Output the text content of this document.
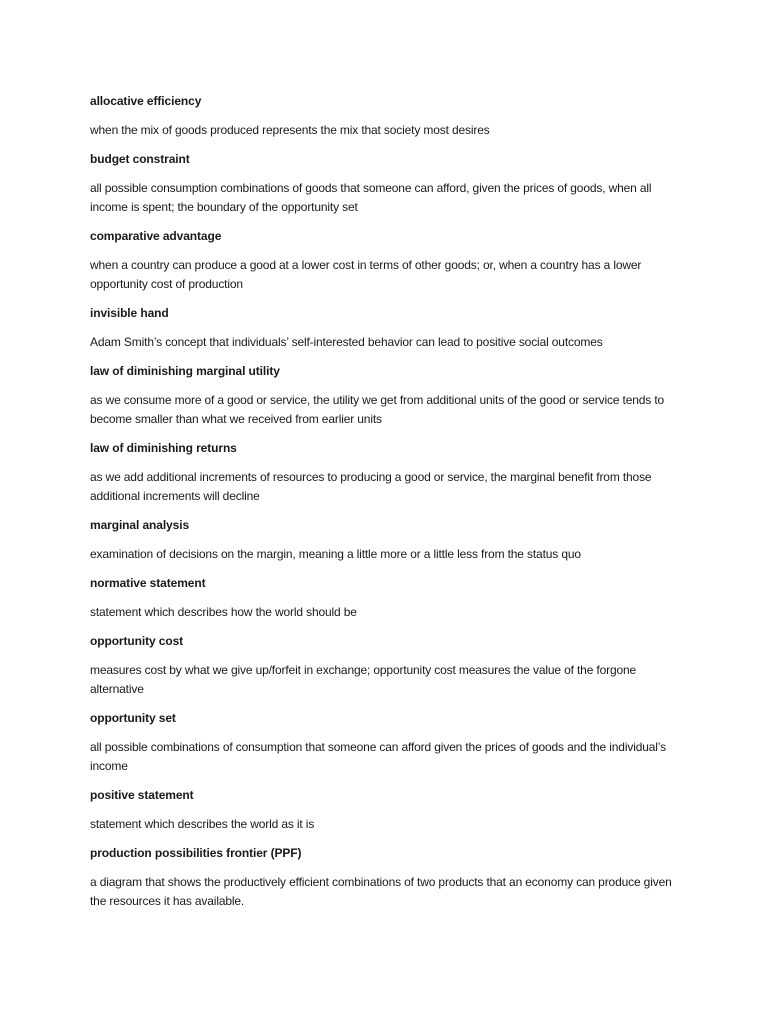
allocative efficiency

when the mix of goods produced represents the mix that society most desires

budget constraint

all possible consumption combinations of goods that someone can afford, given the prices of goods, when all income is spent; the boundary of the opportunity set

comparative advantage

when a country can produce a good at a lower cost in terms of other goods; or, when a country has a lower opportunity cost of production

invisible hand

Adam Smith’s concept that individuals’ self-interested behavior can lead to positive social outcomes

law of diminishing marginal utility

as we consume more of a good or service, the utility we get from additional units of the good or service tends to become smaller than what we received from earlier units

law of diminishing returns

as we add additional increments of resources to producing a good or service, the marginal benefit from those additional increments will decline

marginal analysis

examination of decisions on the margin, meaning a little more or a little less from the status quo

normative statement

statement which describes how the world should be

opportunity cost

measures cost by what we give up/forfeit in exchange; opportunity cost measures the value of the forgone alternative

opportunity set

all possible combinations of consumption that someone can afford given the prices of goods and the individual’s income

positive statement

statement which describes the world as it is

production possibilities frontier (PPF)

a diagram that shows the productively efficient combinations of two products that an economy can produce given the resources it has available.
